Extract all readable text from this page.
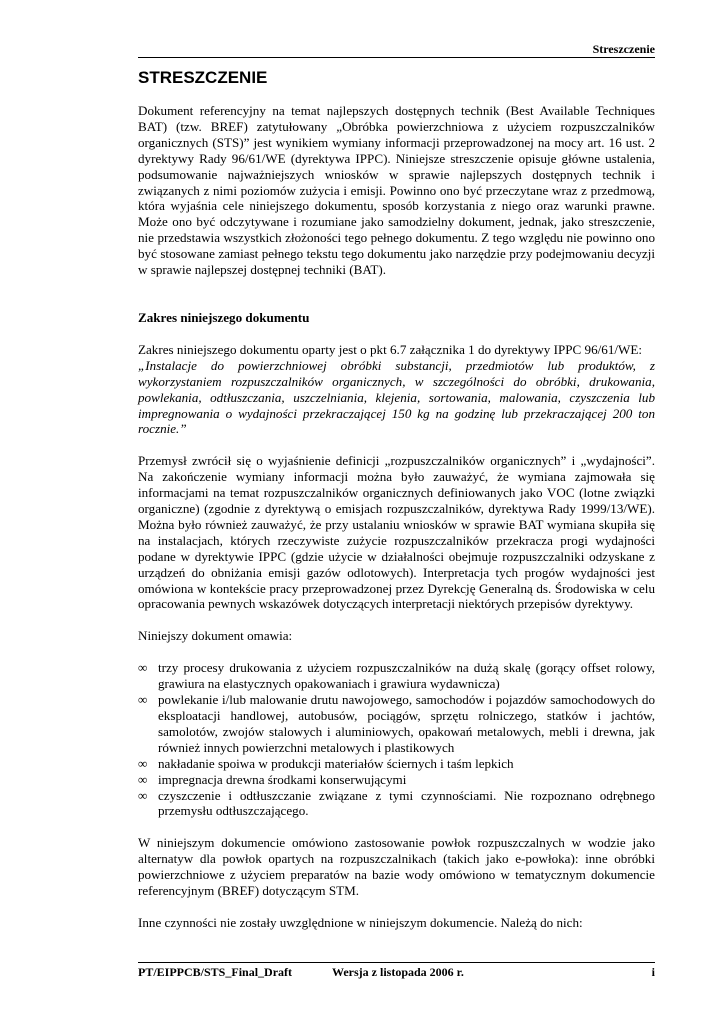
Streszczenie
STRESZCZENIE

Dokument referencyjny na temat najlepszych dostępnych technik (Best Available Techniques BAT) (tzw. BREF) zatytułowany „Obróbka powierzchniowa z użyciem rozpuszczalników organicznych (STS)” jest wynikiem wymiany informacji przeprowadzonej na mocy art. 16 ust. 2 dyrektywy Rady 96/61/WE (dyrektywa IPPC). Niniejsze streszczenie opisuje główne ustalenia, podsumowanie najważniejszych wniosków w sprawie najlepszych dostępnych technik i związanych z nimi poziomów zużycia i emisji. Powinno ono być przeczytane wraz z przedmową, która wyjaśnia cele niniejszego dokumentu, sposób korzystania z niego oraz warunki prawne. Może ono być odczytywane i rozumiane jako samodzielny dokument, jednak, jako streszczenie, nie przedstawia wszystkich złożoności tego pełnego dokumentu. Z tego względu nie powinno ono być stosowane zamiast pełnego tekstu tego dokumentu jako narzędzie przy podejmowaniu decyzji w sprawie najlepszej dostępnej techniki (BAT).

Zakres niniejszego dokumentu

Zakres niniejszego dokumentu oparty jest o pkt 6.7 załącznika 1 do dyrektywy IPPC 96/61/WE:

„Instalacje do powierzchniowej obróbki substancji, przedmiotów lub produktów, z wykorzystaniem rozpuszczalników organicznych, w szczególności do obróbki, drukowania, powlekania, odtłuszczania, uszczelniania, klejenia, sortowania, malowania, czyszczenia lub impregnowania o wydajności przekraczającej 150 kg na godzinę lub przekraczającej 200 ton rocznie.”

Przemysł zwrócił się o wyjaśnienie definicji „rozpuszczalników organicznych” i „wydajności”. Na zakończenie wymiany informacji można było zauważyć, że wymiana zajmowała się informacjami na temat rozpuszczalników organicznych definiowanych jako VOC (lotne związki organiczne) (zgodnie z dyrektywą o emisjach rozpuszczalników, dyrektywa Rady 1999/13/WE). Można było również zauważyć, że przy ustalaniu wniosków w sprawie BAT wymiana skupiła się na instalacjach, których rzeczywiste zużycie rozpuszczalników przekracza progi wydajności podane w dyrektywie IPPC (gdzie użycie w działalności obejmuje rozpuszczalniki odzyskane z urządzeń do obniżania emisji gazów odlotowych). Interpretacja tych progów wydajności jest omówiona w kontekście pracy przeprowadzonej przez Dyrekcję Generalną ds. Środowiska w celu opracowania pewnych wskazówek dotyczących interpretacji niektórych przepisów dyrektywy.

Niniejszy dokument omawia:

∞ trzy procesy drukowania z użyciem rozpuszczalników na dużą skalę (gorący offset rolowy, grawiura na elastycznych opakowaniach i grawiura wydawnicza)
∞ powlekanie i/lub malowanie drutu nawojowego, samochodów i pojazdów samochodowych do eksploatacji handlowej, autobusów, pociągów, sprzętu rolniczego, statków i jachtów, samolotów, zwojów stalowych i aluminiowych, opakowań metalowych, mebli i drewna, jak również innych powierzchni metalowych i plastikowych
∞ nakładanie spoiwa w produkcji materiałów ściernych i taśm lepkich
∞ impregnacja drewna środkami konserwującymi
∞ czyszczenie i odtłuszczanie związane z tymi czynnościami. Nie rozpoznano odrębnego przemysłu odtłuszczającego.

W niniejszym dokumencie omówiono zastosowanie powłok rozpuszczalnych w wodzie jako alternatyw dla powłok opartych na rozpuszczalnikach (takich jako e-powłoka): inne obróbki powierzchniowe z użyciem preparatów na bazie wody omówiono w tematycznym dokumencie referencyjnym (BREF) dotyczącym STM.

Inne czynności nie zostały uwzględnione w niniejszym dokumencie. Należą do nich:

PT/EIPPCB/STS_Final_Draft	Wersja z listopada 2006 r.	i
